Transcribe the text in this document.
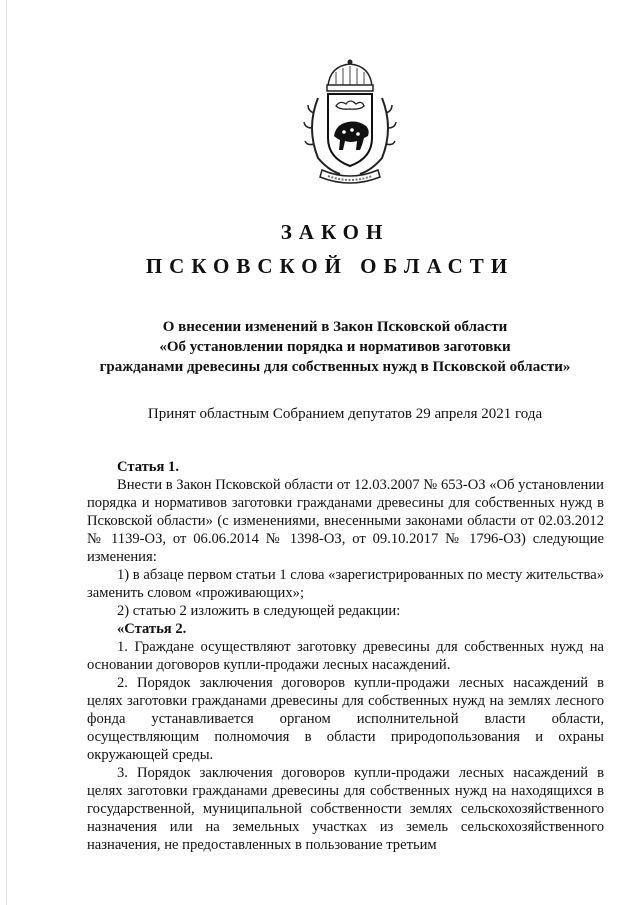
ЗАКОН
ПСКОВСКОЙ ОБЛАСТИ
О внесении изменений в Закон Псковской области
«Об установлении порядка и нормативов заготовки
гражданами древесины для собственных нужд в Псковской области»
Принят областным Собранием депутатов 29 апреля 2021 года

Статья 1.

Внести в Закон Псковской области от 12.03.2007 № 653-ОЗ «Об установлении порядка и нормативов заготовки гражданами древесины для собственных нужд в Псковской области» (с изменениями, внесенными законами области от 02.03.2012 № 1139-ОЗ, от 06.06.2014 № 1398-ОЗ, от 09.10.2017 № 1796-ОЗ) следующие изменения:

1) в абзаце первом статьи 1 слова «зарегистрированных по месту жительства» заменить словом «проживающих»;

2) статью 2 изложить в следующей редакции:

«Статья 2.

1. Граждане осуществляют заготовку древесины для собственных нужд на основании договоров купли-продажи лесных насаждений.

2. Порядок заключения договоров купли-продажи лесных насаждений в целях заготовки гражданами древесины для собственных нужд на землях лесного фонда устанавливается органом исполнительной власти области, осуществляющим полномочия в области природопользования и охраны окружающей среды.

3. Порядок заключения договоров купли-продажи лесных насаждений в целях заготовки гражданами древесины для собственных нужд на находящихся в государственной, муниципальной собственности землях сельскохозяйственного назначения или на земельных участках из земель сельскохозяйственного назначения, не предоставленных в пользование третьим
